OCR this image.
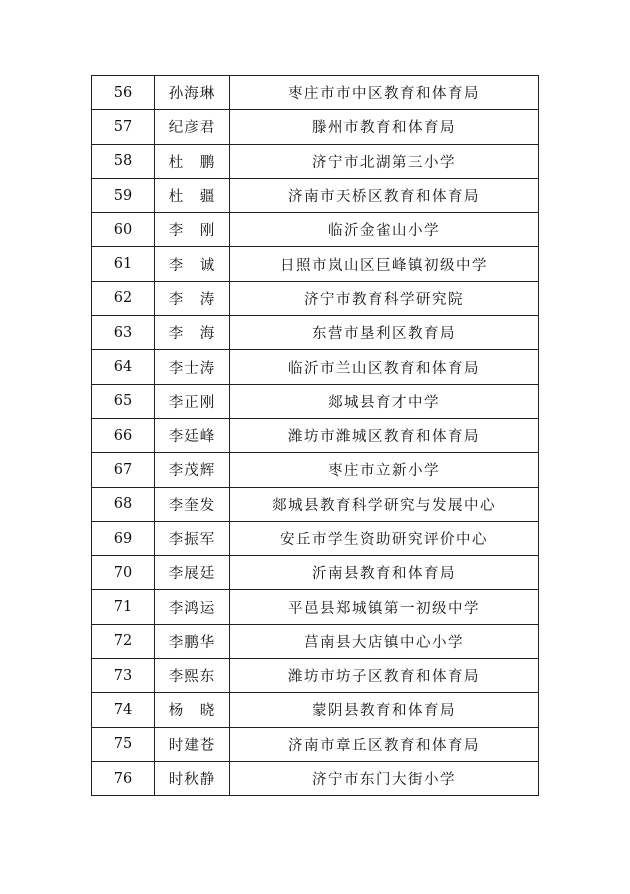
56	孙海琳	枣庄市市中区教育和体育局
57	纪彦君	滕州市教育和体育局
58	杜　鹏	济宁市北湖第三小学
59	杜　疆	济南市天桥区教育和体育局
60	李　刚	临沂金雀山小学
61	李　诚	日照市岚山区巨峰镇初级中学
62	李　涛	济宁市教育科学研究院
63	李　海	东营市垦利区教育局
64	李士涛	临沂市兰山区教育和体育局
65	李正刚	郯城县育才中学
66	李廷峰	潍坊市潍城区教育和体育局
67	李茂辉	枣庄市立新小学
68	李奎发	郯城县教育科学研究与发展中心
69	李振军	安丘市学生资助研究评价中心
70	李展廷	沂南县教育和体育局
71	李鸿运	平邑县郑城镇第一初级中学
72	李鹏华	莒南县大店镇中心小学
73	李熙东	潍坊市坊子区教育和体育局
74	杨　晓	蒙阴县教育和体育局
75	时建苍	济南市章丘区教育和体育局
76	时秋静	济宁市东门大街小学
